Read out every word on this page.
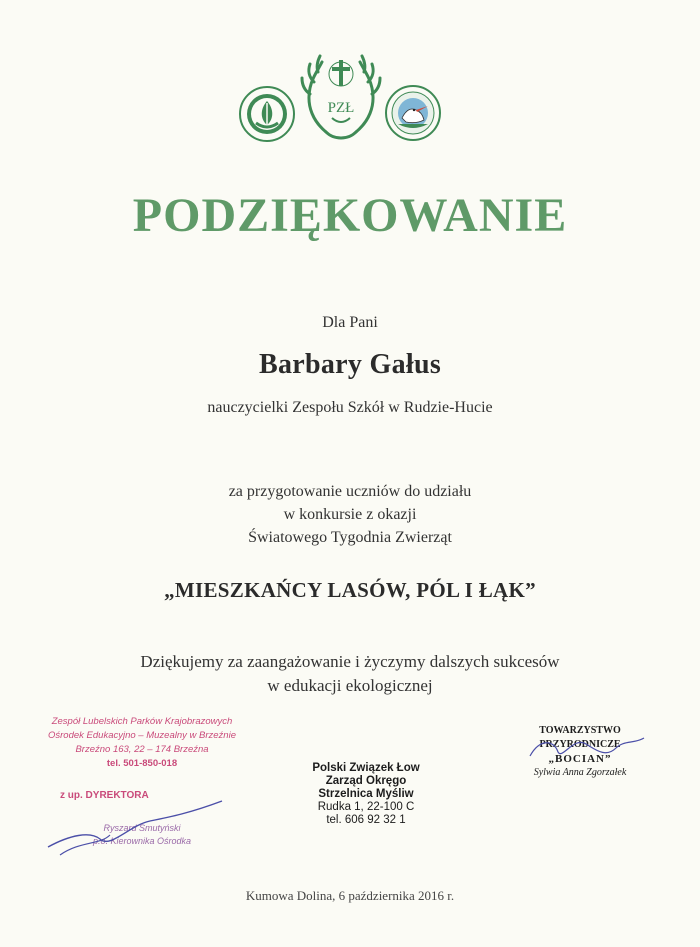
PZŁ
PODZIĘKOWANIE
Dla Pani
Barbary Gałus
nauczycielki Zespołu Szkół w Rudzie-Hucie
za przygotowanie uczniów do udziału
w konkursie z okazji
Światowego Tygodnia Zwierząt
„MIESZKAŃCY LASÓW, PÓL I ŁĄK”
Dziękujemy za zaangażowanie i życzymy dalszych sukcesów
w edukacji ekologicznej
Zespół Lubelskich Parków Krajobrazowych
Ośrodek Edukacyjno – Muzealny w Brzeźnie
Brzeźno 163, 22 – 174 Brzeźna
tel. 501-850-018
z up. DYREKTORA
Ryszard Smutyński
p.o. Kierownika Ośrodka
Polski Związek Łow
Zarząd Okręgo
Strzelnica Myśliw
Rudka 1, 22-100 C
tel. 606 92 32 1
TOWARZYSTWO PRZYRODNICZE
„BOCIAN”
Sylwia Anna Zgorzałek
Kumowa Dolina, 6 października 2016 r.
